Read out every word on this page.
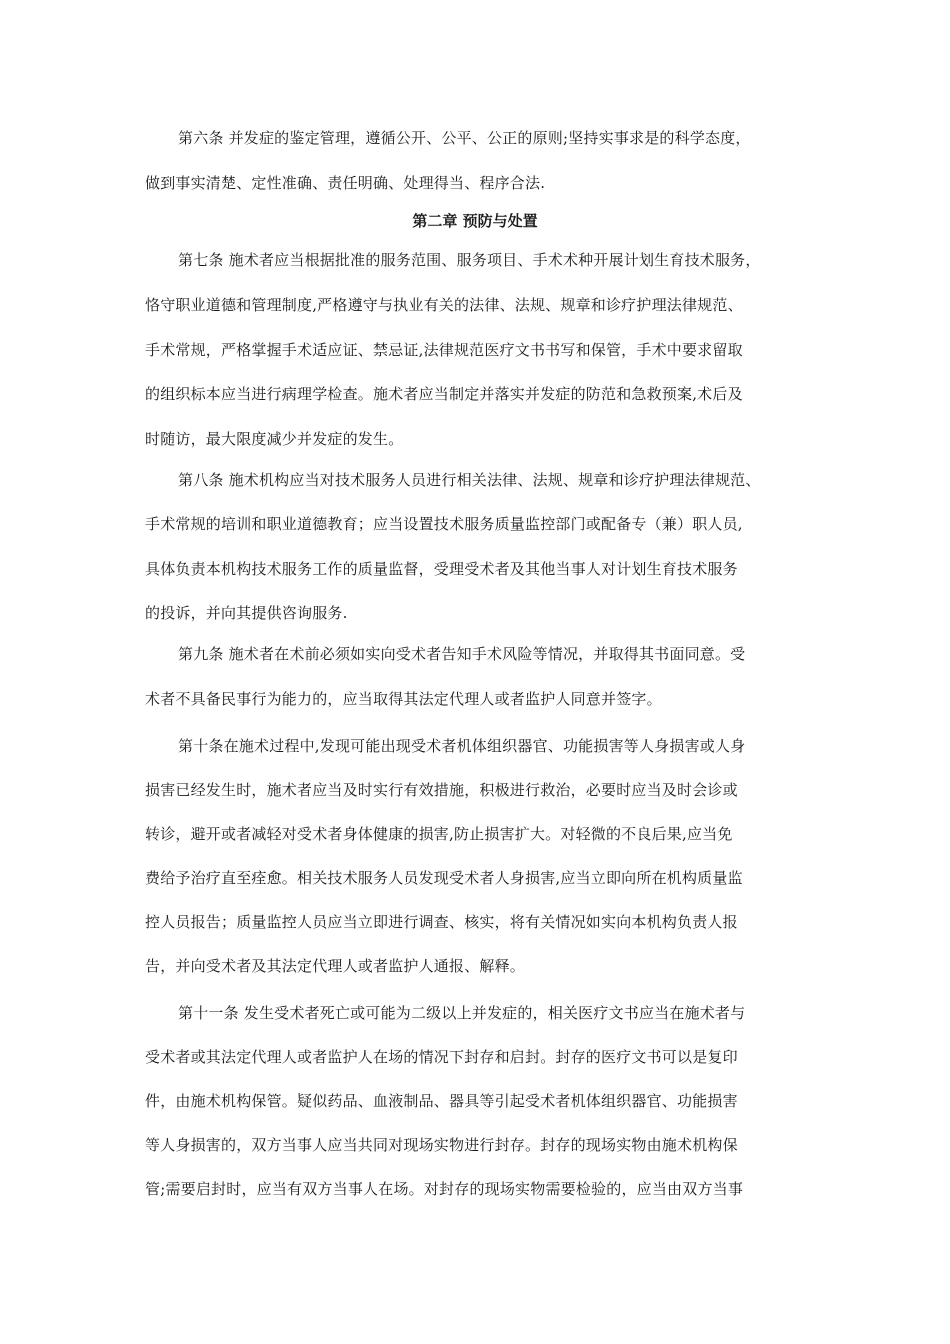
第六条 并发症的鉴定管理，遵循公开、公平、公正的原则;坚持实事求是的科学态度，
做到事实清楚、定性准确、责任明确、处理得当、程序合法.
第二章 预防与处置
第七条 施术者应当根据批准的服务范围、服务项目、手术术种开展计划生育技术服务，
恪守职业道德和管理制度,严格遵守与执业有关的法律、法规、规章和诊疗护理法律规范、
手术常规，严格掌握手术适应证、禁忌证,法律规范医疗文书书写和保管，手术中要求留取
的组织标本应当进行病理学检查。施术者应当制定并落实并发症的防范和急救预案,术后及
时随访，最大限度减少并发症的发生。
第八条 施术机构应当对技术服务人员进行相关法律、法规、规章和诊疗护理法律规范、
手术常规的培训和职业道德教育；应当设置技术服务质量监控部门或配备专（兼）职人员,
具体负责本机构技术服务工作的质量监督，受理受术者及其他当事人对计划生育技术服务
的投诉，并向其提供咨询服务.
第九条 施术者在术前必须如实向受术者告知手术风险等情况，并取得其书面同意。受
术者不具备民事行为能力的，应当取得其法定代理人或者监护人同意并签字。
第十条在施术过程中,发现可能出现受术者机体组织器官、功能损害等人身损害或人身
损害已经发生时，施术者应当及时实行有效措施，积极进行救治，必要时应当及时会诊或
转诊，避开或者减轻对受术者身体健康的损害,防止损害扩大。对轻微的不良后果,应当免
费给予治疗直至痊愈。相关技术服务人员发现受术者人身损害,应当立即向所在机构质量监
控人员报告；质量监控人员应当立即进行调查、核实，将有关情况如实向本机构负责人报
告，并向受术者及其法定代理人或者监护人通报、解释。
第十一条 发生受术者死亡或可能为二级以上并发症的，相关医疗文书应当在施术者与
受术者或其法定代理人或者监护人在场的情况下封存和启封。封存的医疗文书可以是复印
件，由施术机构保管。疑似药品、血液制品、器具等引起受术者机体组织器官、功能损害
等人身损害的，双方当事人应当共同对现场实物进行封存。封存的现场实物由施术机构保
管;需要启封时，应当有双方当事人在场。对封存的现场实物需要检验的，应当由双方当事
